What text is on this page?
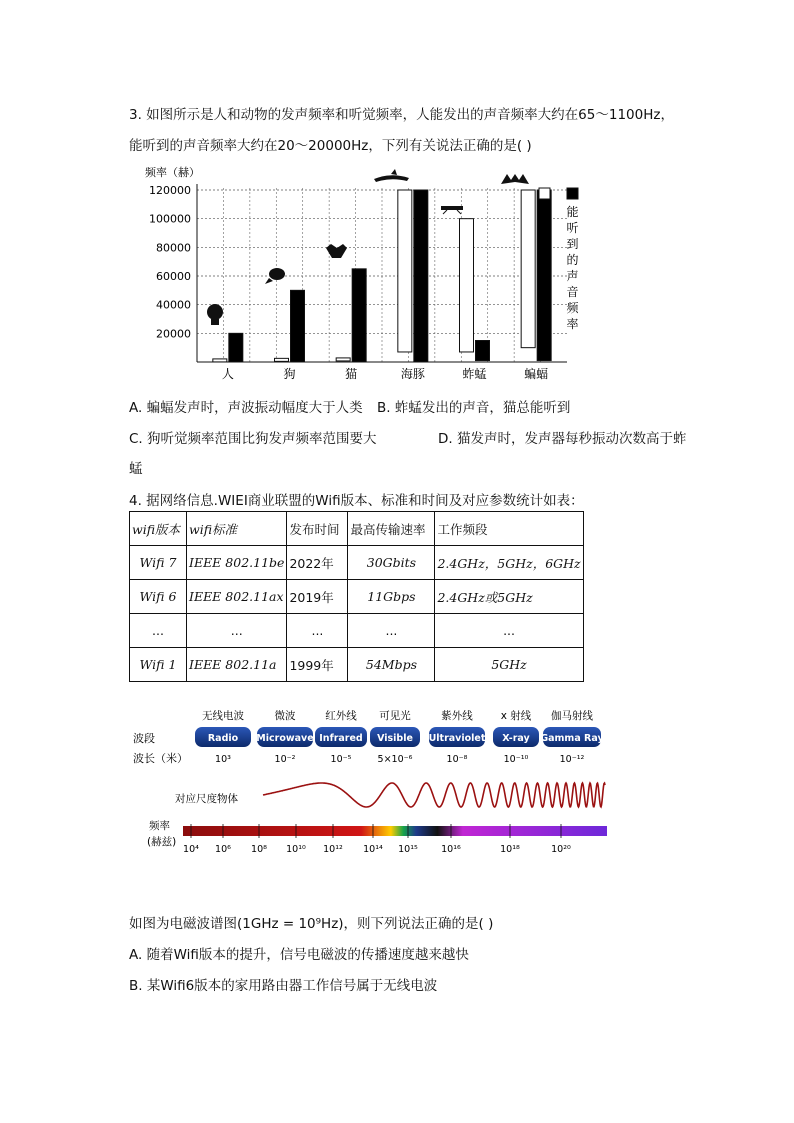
3. 如图所示是人和动物的发声频率和听觉频率，人能发出的声音频率大约在65～1100Hz，
能听到的声音频率大约在20～20000Hz，下列有关说法正确的是( )
频率（赫）
120000
100000
80000
60000
40000
20000
人	狗	猫	海豚	蚱蜢	蝙蝠
能发出声音频率
能听到的声音频率
A. 蝙蝠发声时，声波振动幅度大于人类 B. 蚱蜢发出的声音，猫总能听到
C. 狗听觉频率范围比狗发声频率范围要大	D. 猫发声时，发声器每秒振动次数高于蚱
蜢
4. 据网络信息.WIEI商业联盟的Wifi版本、标准和时间及对应参数统计如表：
wifi版本	wifi标准	发布时间	最高传输速率	工作频段
Wifi 7	IEEE 802.11be	2022年	30Gbits	2.4GHz，5GHz，6GHz
Wifi 6	IEEE 802.11ax	2019年	11Gbps	2.4GHz或5GHz
...	...	...	...	...
Wifi 1	IEEE 802.11a	1999年	54Mbps	5GHz
无线电波	微波	红外线 可见光	紫外线	x 射线 伽马射线
波段	Radio Microwave Infrared Visible Ultraviolet X-ray Gamma Ray
波长（米）	10³	10⁻²	10⁻⁵	5×10⁻⁶	10⁻⁸	10⁻¹⁰	10⁻¹²
对应尺度物体
频率
(赫兹)
10⁴ 10⁶ 10⁸ 10¹⁰ 10¹² 10¹⁴ 10¹⁵ 10¹⁶	10¹⁸	10²⁰
如图为电磁波谱图(1GHz = 10⁹Hz)，则下列说法正确的是( )
A. 随着Wifi版本的提升，信号电磁波的传播速度越来越快
B. 某Wifi6版本的家用路由器工作信号属于无线电波
